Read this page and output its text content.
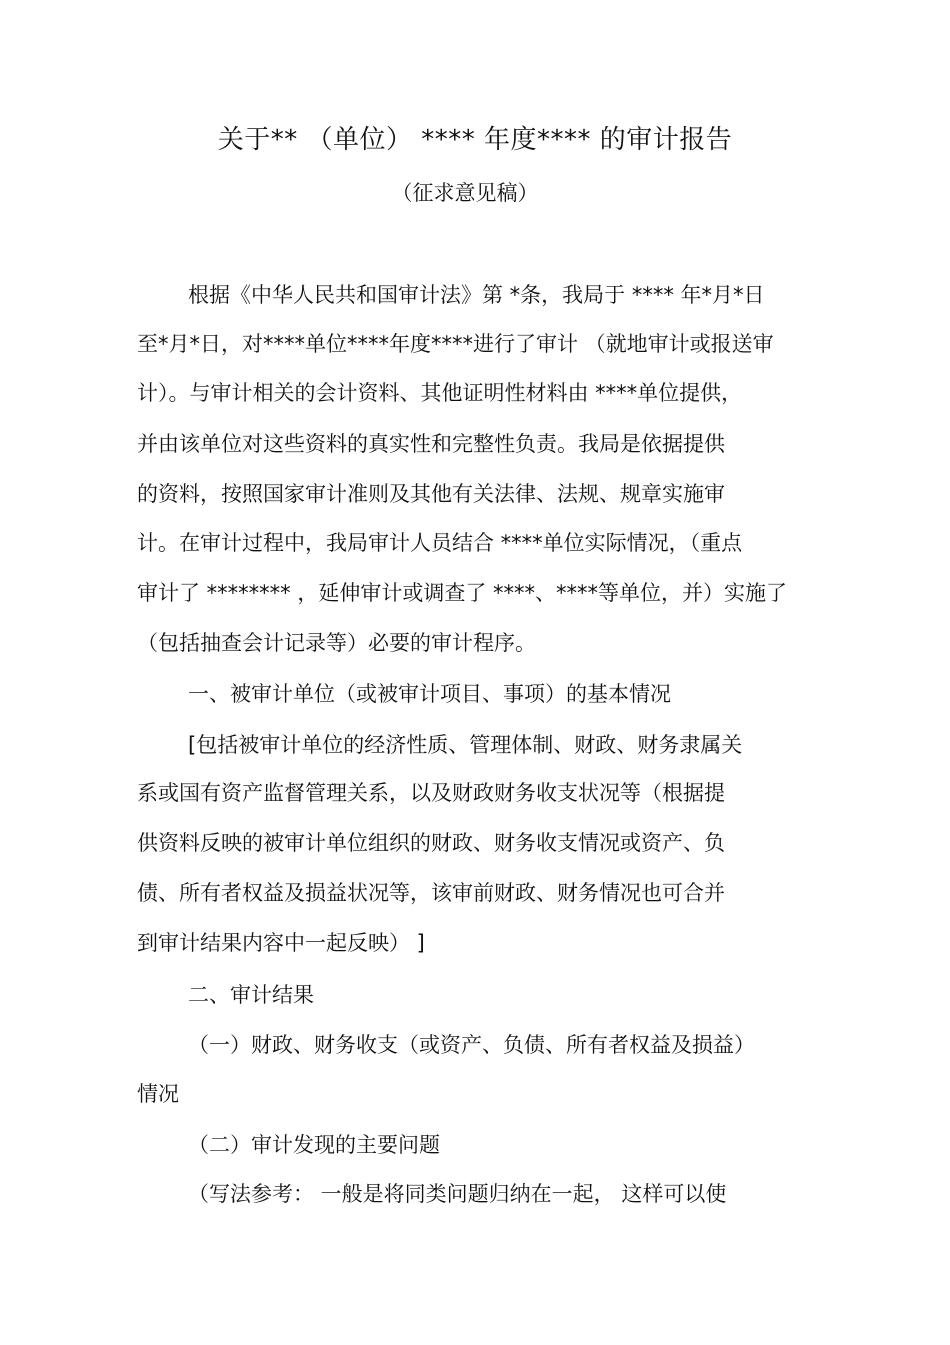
关于** （单位） **** 年度**** 的审计报告
（征求意见稿）
根据《中华人民共和国审计法》第 *条，我局于 **** 年*月*日
至*月*日，对****单位****年度****进行了审计 （就地审计或报送审
计）。与审计相关的会计资料、其他证明性材料由 ****单位提供，
并由该单位对这些资料的真实性和完整性负责。我局是依据提供
的资料，按照国家审计准则及其他有关法律、法规、规章实施审
计。在审计过程中，我局审计人员结合 ****单位实际情况，（重点
审计了 ******** ，延伸审计或调查了 ****、****等单位，并）实施了
（包括抽查会计记录等）必要的审计程序。
一、被审计单位（或被审计项目、事项）的基本情况
[包括被审计单位的经济性质、管理体制、财政、财务隶属关
系或国有资产监督管理关系，以及财政财务收支状况等（根据提
供资料反映的被审计单位组织的财政、财务收支情况或资产、负
债、所有者权益及损益状况等，该审前财政、财务情况也可合并
到审计结果内容中一起反映） ]
二、审计结果
（一）财政、财务收支（或资产、负债、所有者权益及损益）
情况
（二）审计发现的主要问题
（写法参考： 一般是将同类问题归纳在一起， 这样可以使
